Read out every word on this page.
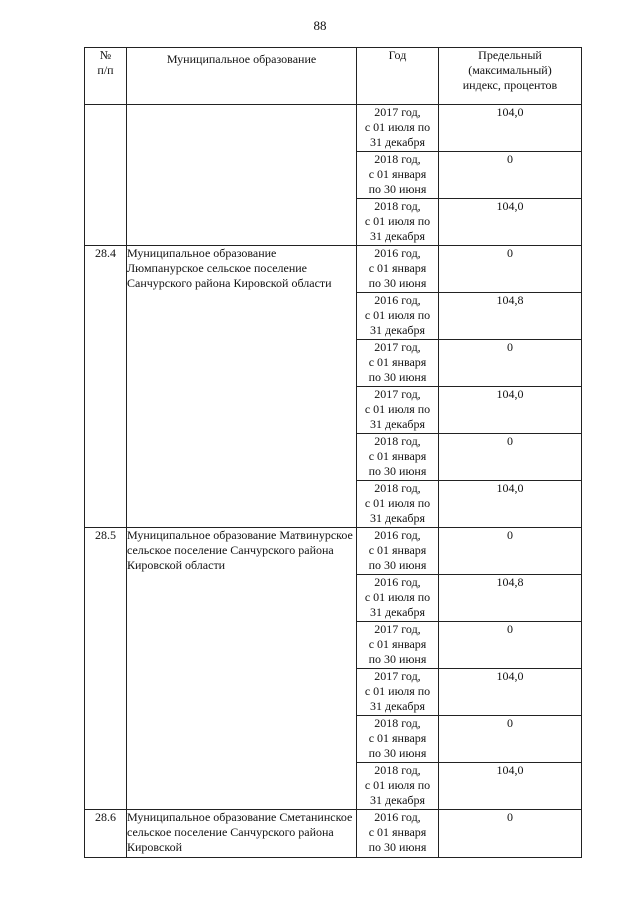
88
№
п/п	Муниципальное образование	Год	Предельный
(максимальный)
индекс, процентов
		2017 год,
с 01 июля по
31 декабря	104,0
		2018 год,
с 01 января
по 30 июня	0
		2018 год,
с 01 июля по
31 декабря	104,0
28.4	Муниципальное образование Люмпанурское сельское поселение Санчурского района Кировской области	2016 год,
с 01 января
по 30 июня	0
		2016 год,
с 01 июля по
31 декабря	104,8
		2017 год,
с 01 января
по 30 июня	0
		2017 год,
с 01 июля по
31 декабря	104,0
		2018 год,
с 01 января
по 30 июня	0
		2018 год,
с 01 июля по
31 декабря	104,0
28.5	Муниципальное образование Матвинурское сельское поселение Санчурского района Кировской области	2016 год,
с 01 января
по 30 июня	0
		2016 год,
с 01 июля по
31 декабря	104,8
		2017 год,
с 01 января
по 30 июня	0
		2017 год,
с 01 июля по
31 декабря	104,0
		2018 год,
с 01 января
по 30 июня	0
		2018 год,
с 01 июля по
31 декабря	104,0
28.6	Муниципальное образование Сметанинское сельское поселение Санчурского района Кировской	2016 год,
с 01 января
по 30 июня	0
